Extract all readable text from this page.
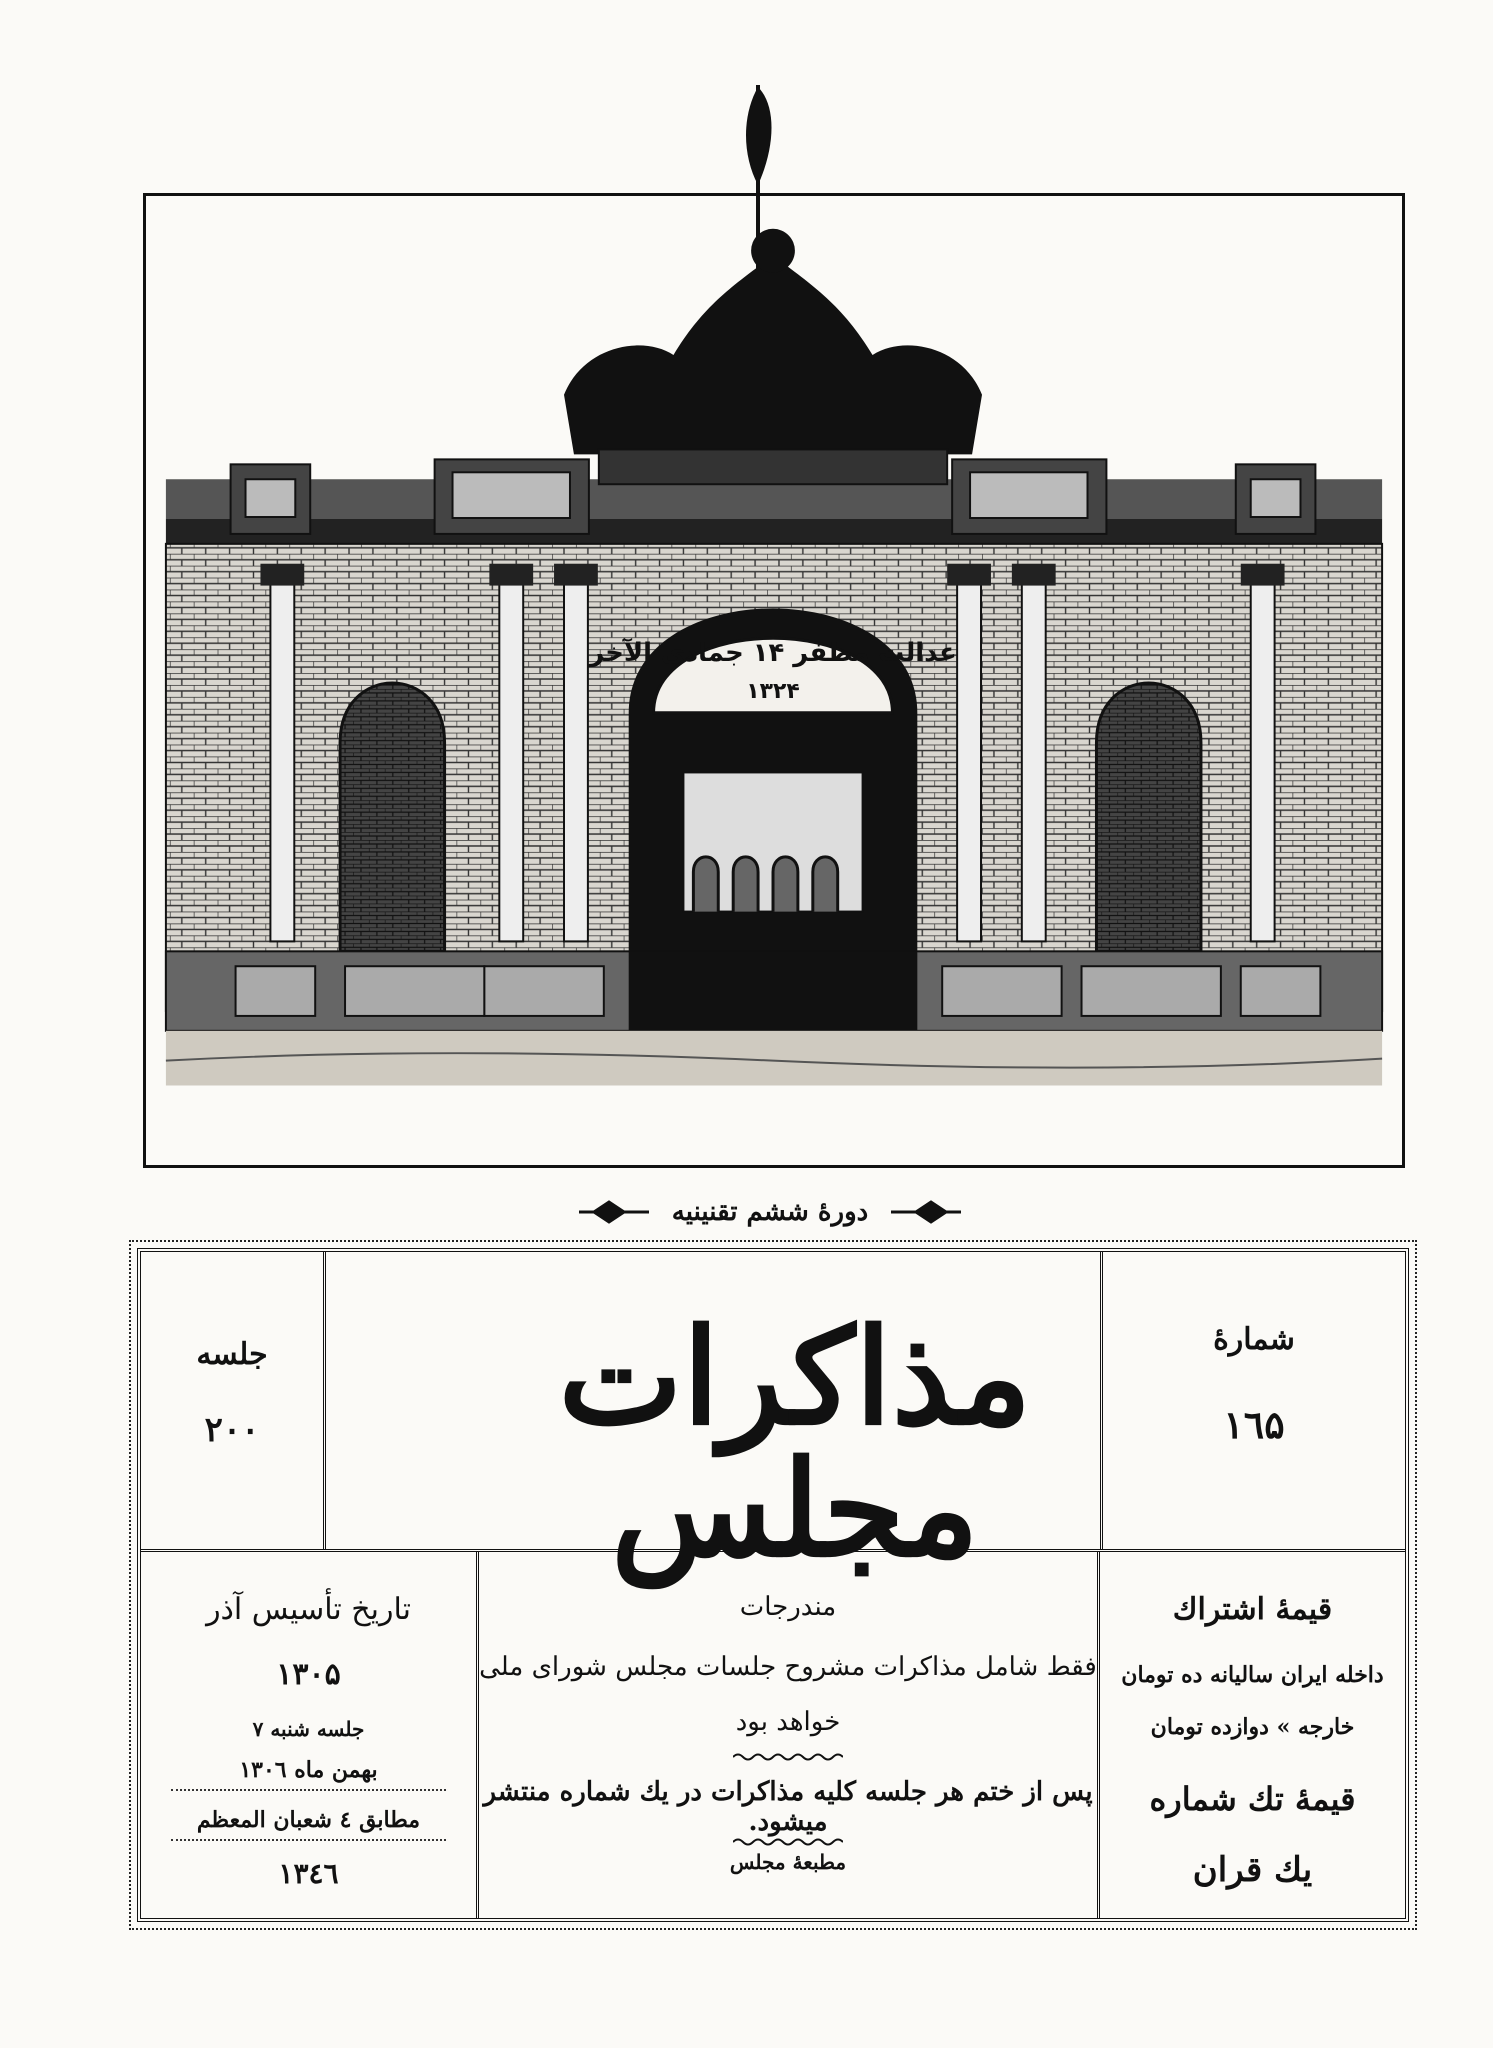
عدالت مظفر ۱۴ جمادی الآخر
۱۳۲۴
دورهٔ ششم تقنینیه
شمارهٔ
۱٦۵
مذاکرات مجلس
جلسه
۲۰۰
قیمهٔ اشتراك
داخله ایران سالیانه ده تومان
خارجه » دوازده تومان
قیمهٔ تك شماره
یك قران
مندرجات
فقط شامل مذاکرات مشروح جلسات مجلس شورای ملی
خواهد بود
پس از ختم هر جلسه کلیه مذاکرات در یك شماره منتشر میشود.
مطبعهٔ مجلس
تاریخ تأسیس آذر
۱۳۰۵
جلسه شنبه ۷
بهمن ماه ۱۳۰٦
مطابق ٤ شعبان المعظم
۱۳٤٦
